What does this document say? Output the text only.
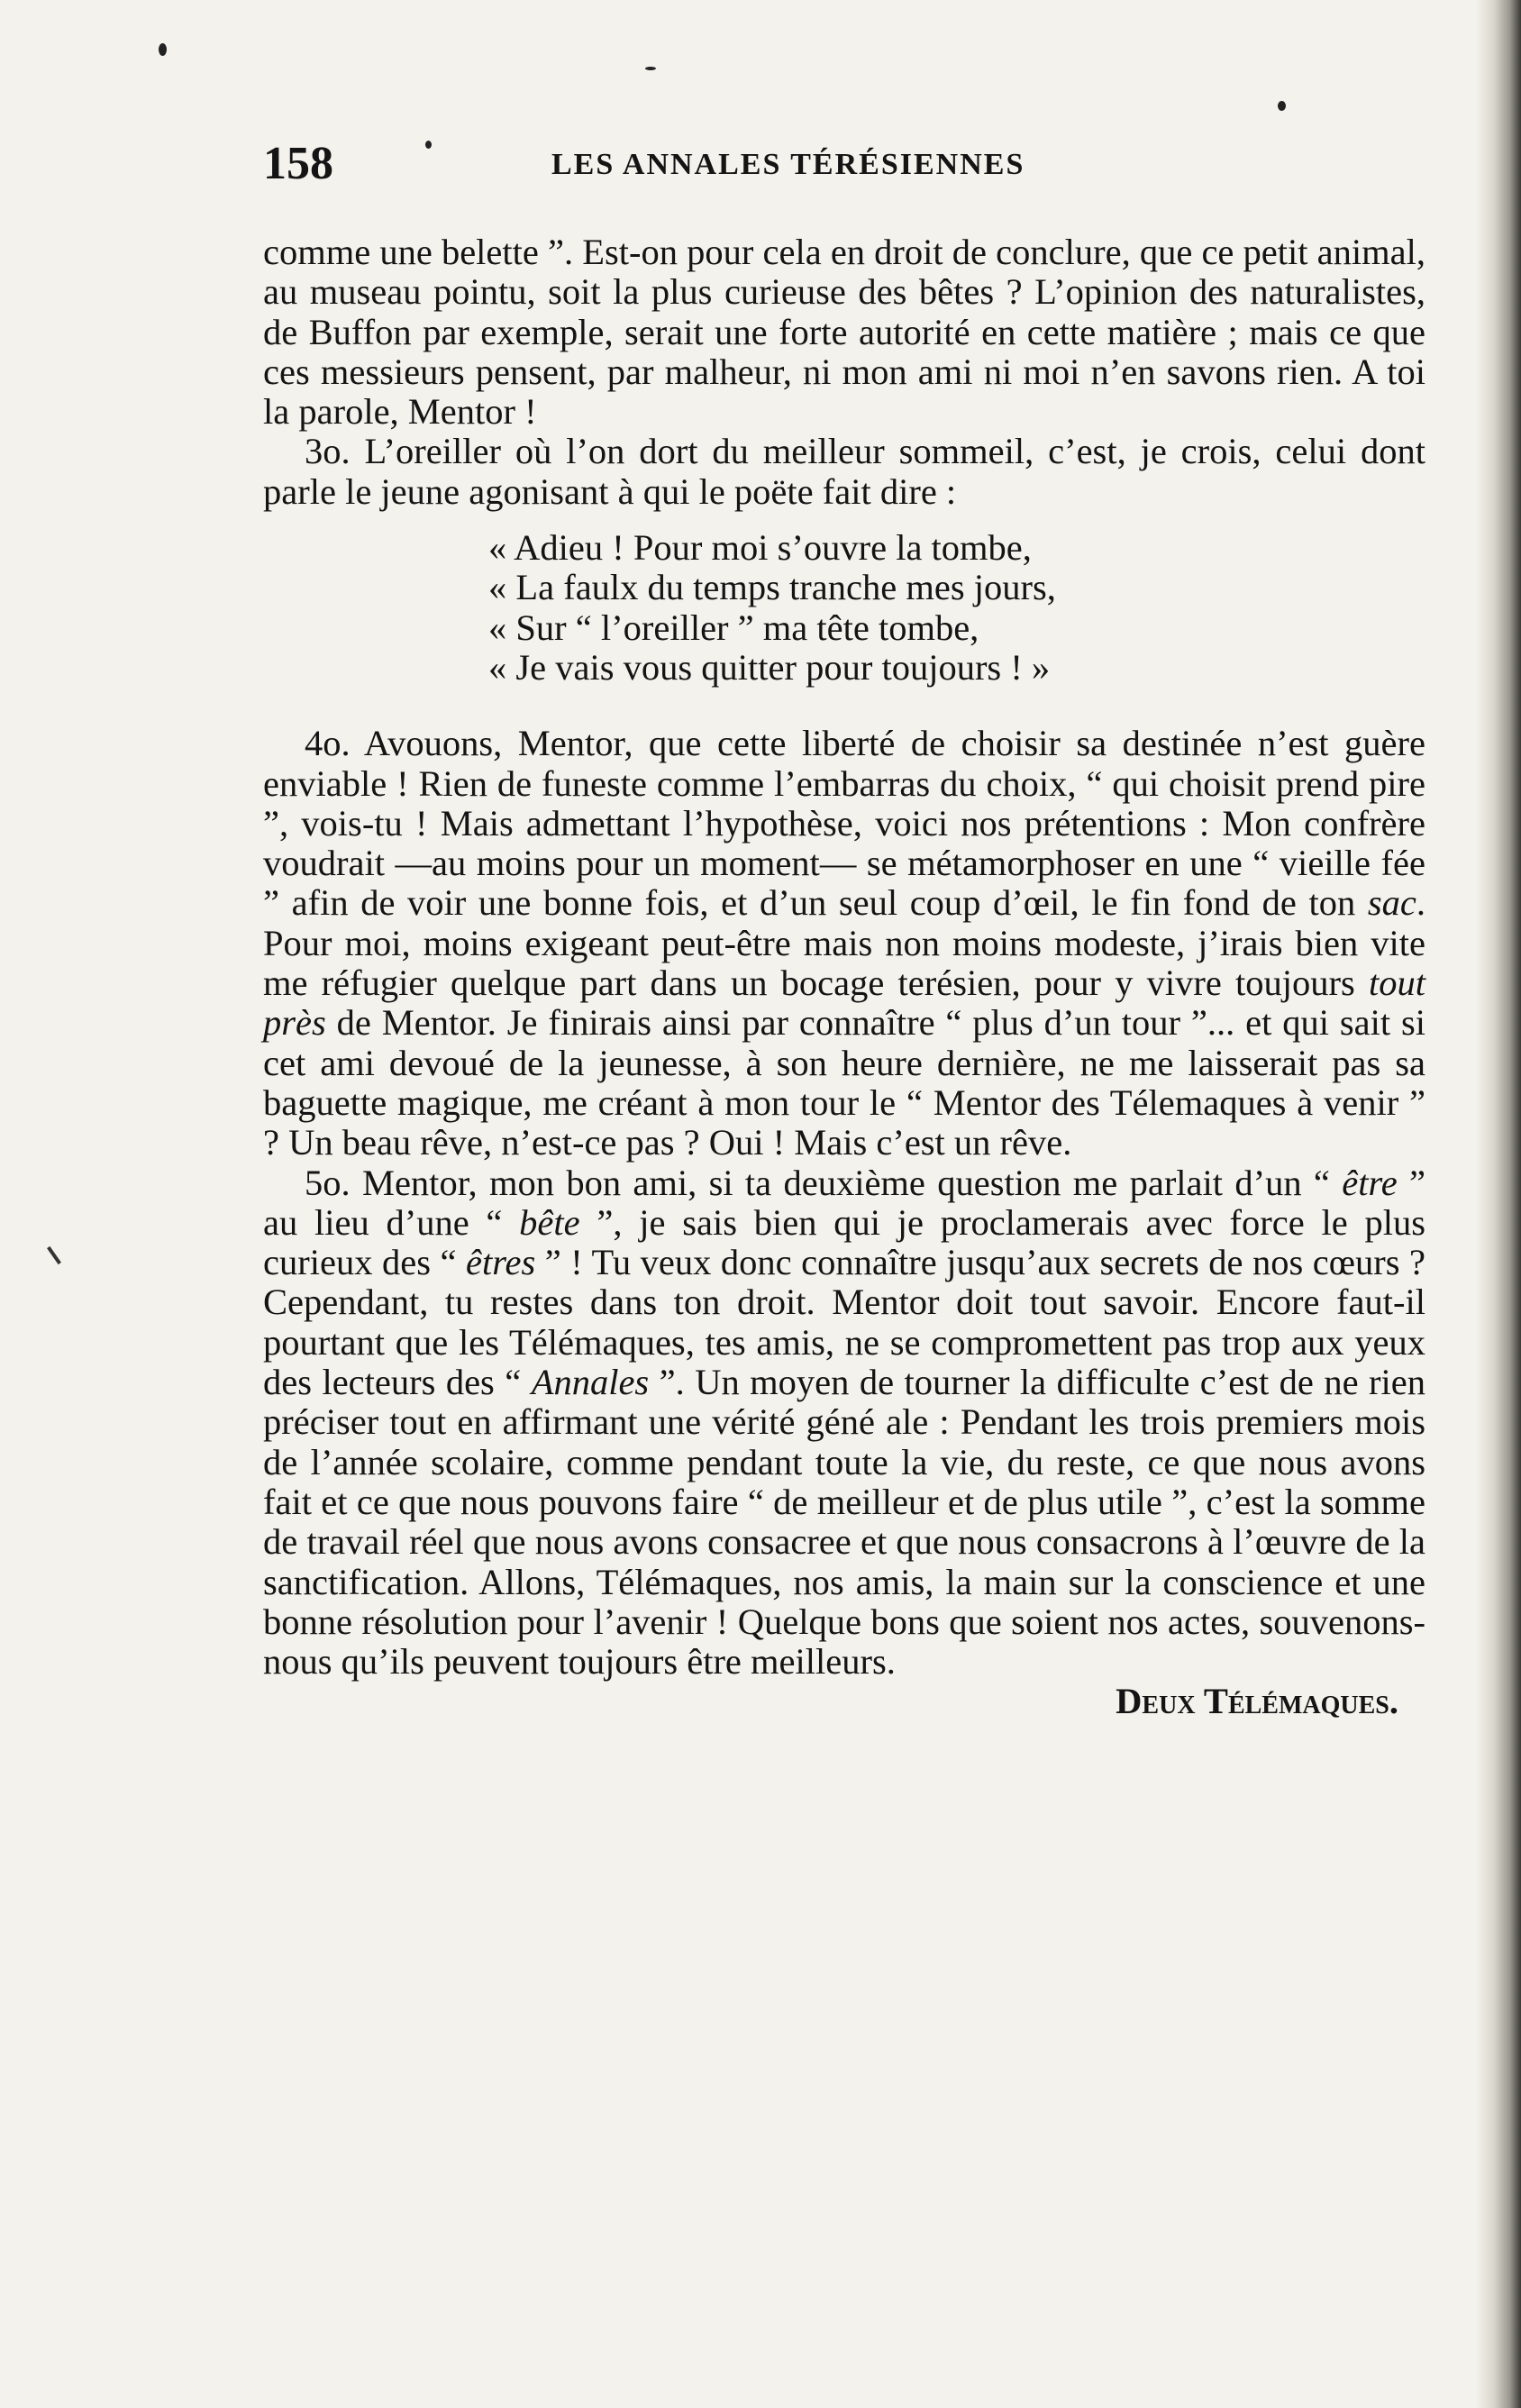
158	LES ANNALES TÉRÉSIENNES

comme une belette ”. Est-on pour cela en droit de conclure, que ce petit animal, au museau pointu, soit la plus curieuse des bêtes ? L’opinion des naturalistes, de Buffon par exemple, serait une forte autorité en cette matière ; mais ce que ces messieurs pensent, par malheur, ni mon ami ni moi n’en savons rien. A toi la parole, Mentor !

3o. L’oreiller où l’on dort du meilleur sommeil, c’est, je crois, celui dont parle le jeune agonisant à qui le poëte fait dire :

« Adieu ! Pour moi s’ouvre la tombe,
« La faulx du temps tranche mes jours,
« Sur “ l’oreiller ” ma tête tombe,
« Je vais vous quitter pour toujours ! »

4o. Avouons, Mentor, que cette liberté de choisir sa destinée n’est guère enviable ! Rien de funeste comme l’embarras du choix, “ qui choisit prend pire ”, vois-tu ! Mais admettant l’hypothèse, voici nos prétentions : Mon confrère voudrait —au moins pour un moment— se métamorphoser en une “ vieille fée ” afin de voir une bonne fois, et d’un seul coup d’œil, le fin fond de ton sac. Pour moi, moins exigeant peut-être mais non moins modeste, j’irais bien vite me réfugier quelque part dans un bocage terésien, pour y vivre toujours tout près de Mentor. Je finirais ainsi par connaître “ plus d’un tour ”... et qui sait si cet ami devoué de la jeunesse, à son heure dernière, ne me laisserait pas sa baguette magique, me créant à mon tour le “ Mentor des Télemaques à venir ” ? Un beau rêve, n’est-ce pas ? Oui ! Mais c’est un rêve.

5o. Mentor, mon bon ami, si ta deuxième question me parlait d’un “ être ” au lieu d’une “ bête ”, je sais bien qui je proclamerais avec force le plus curieux des “ êtres ” ! Tu veux donc connaître jusqu’aux secrets de nos cœurs ? Cependant, tu restes dans ton droit. Mentor doit tout savoir. Encore faut-il pourtant que les Télémaques, tes amis, ne se compromettent pas trop aux yeux des lecteurs des “ Annales ”. Un moyen de tourner la difficulte c’est de ne rien préciser tout en affirmant une vérité géné ale : Pendant les trois premiers mois de l’année scolaire, comme pendant toute la vie, du reste, ce que nous avons fait et ce que nous pouvons faire “ de meilleur et de plus utile ”, c’est la somme de travail réel que nous avons consacree et que nous consacrons à l’œuvre de la sanctification. Allons, Télémaques, nos amis, la main sur la conscience et une bonne résolution pour l’avenir ! Quelque bons que soient nos actes, souvenons-nous qu’ils peuvent toujours être meilleurs.

Deux Télémaques.
